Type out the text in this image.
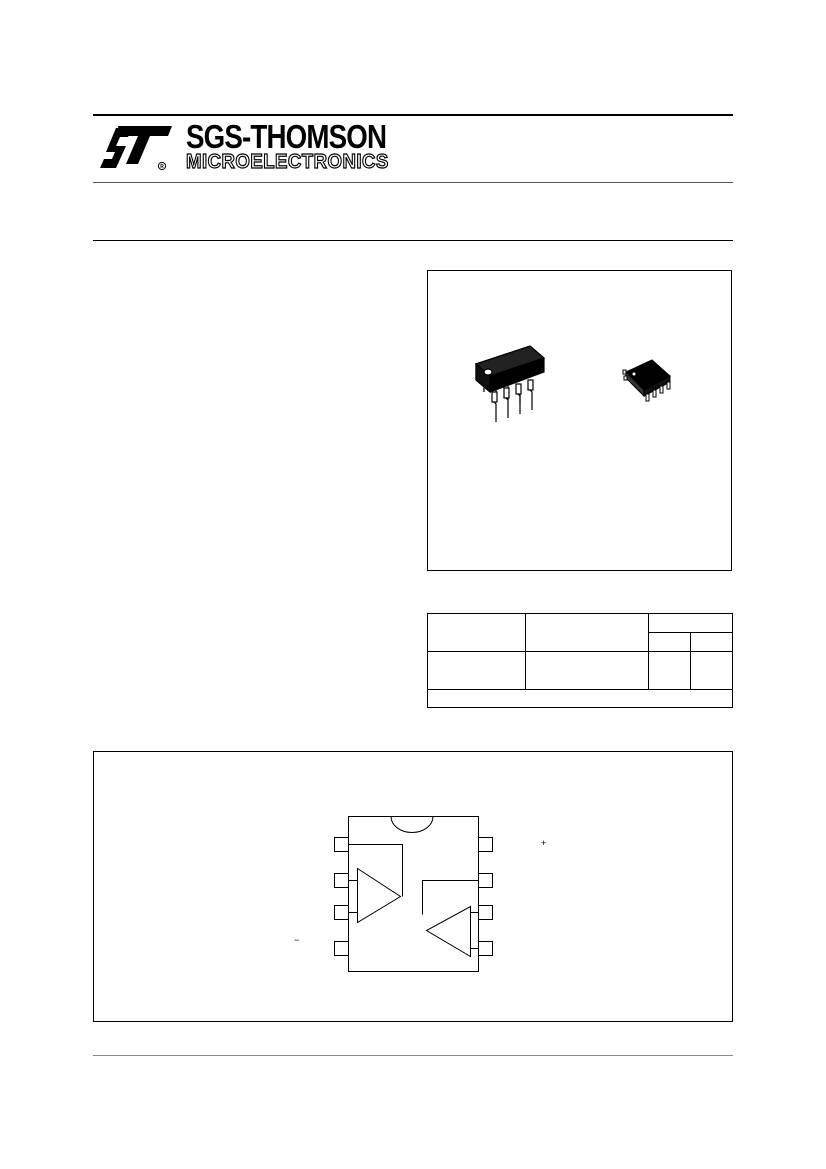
R
SGS-THOMSON
MICROELECTRONICS
+
−
